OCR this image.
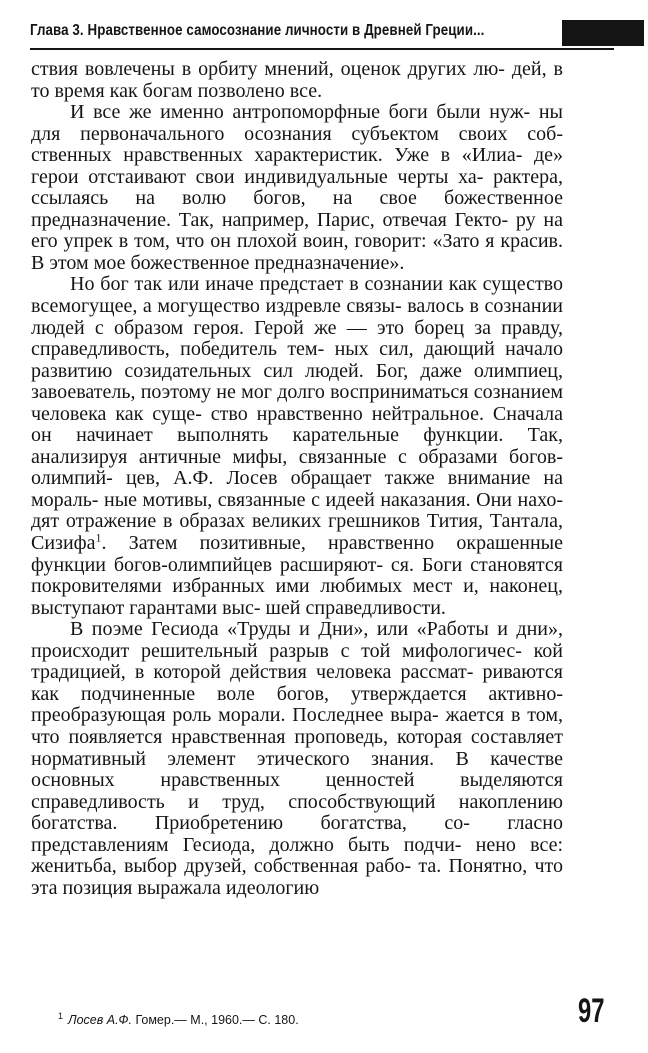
Глава 3. Нравственное самосознание личности в Древней Греции...

ствия вовлечены в орбиту мнений, оценок других лю- дей, в то время как богам позволено все.

И все же именно антропоморфные боги были нуж- ны для первоначального осознания субъектом своих соб- ственных нравственных характеристик. Уже в «Илиа- де» герои отстаивают свои индивидуальные черты ха- рактера, ссылаясь на волю богов, на свое божественное предназначение. Так, например, Парис, отвечая Гекто- ру на его упрек в том, что он плохой воин, говорит: «Зато я красив. В этом мое божественное предназначение».

Но бог так или иначе предстает в сознании как существо всемогущее, а могущество издревле связы- валось в сознании людей с образом героя. Герой же — это борец за правду, справедливость, победитель тем- ных сил, дающий начало развитию созидательных сил людей. Бог, даже олимпиец, завоеватель, поэтому не мог долго восприниматься сознанием человека как суще- ство нравственно нейтральное. Сначала он начинает выполнять карательные функции. Так, анализируя античные мифы, связанные с образами богов-олимпий- цев, А.Ф. Лосев обращает также внимание на мораль- ные мотивы, связанные с идеей наказания. Они нахо- дят отражение в образах великих грешников Тития, Тантала, Сизифа$^1$. Затем позитивные, нравственно окрашенные функции богов-олимпийцев расширяют- ся. Боги становятся покровителями избранных ими любимых мест и, наконец, выступают гарантами выс- шей справедливости.

В поэме Гесиода «Труды и Дни», или «Работы и дни», происходит решительный разрыв с той мифологичес- кой традицией, в которой действия человека рассмат- риваются как подчиненные воле богов, утверждается активно-преобразующая роль морали. Последнее выра- жается в том, что появляется нравственная проповедь, которая составляет нормативный элемент этического знания. В качестве основных нравственных ценностей выделяются справедливость и труд, способствующий накоплению богатства. Приобретению богатства, со- гласно представлениям Гесиода, должно быть подчи- нено все: женитьба, выбор друзей, собственная рабо- та. Понятно, что эта позиция выражала идеологию

$^1$ Лосев А.Ф. Гомер.— М., 1960.— С. 180.	97
